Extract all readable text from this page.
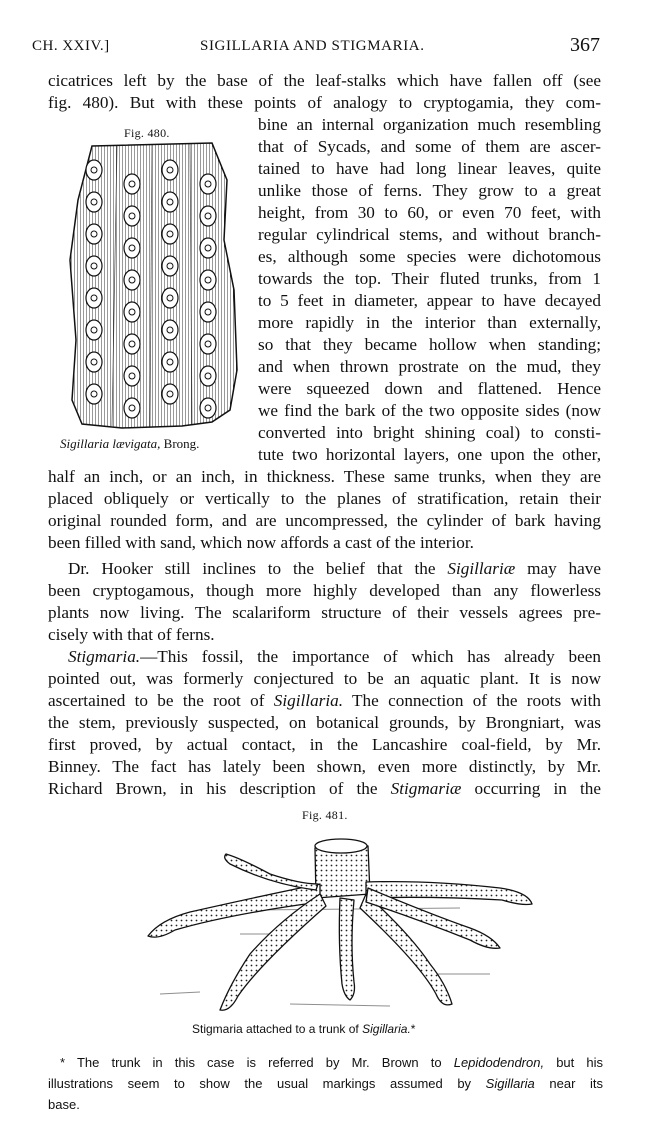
CH. XXIV.]	SIGILLARIA AND STIGMARIA.	367
cicatrices left by the base of the leaf-stalks which have fallen off (see
fig. 480). But with these points of analogy to cryptogamia, they com-
bine an internal organization much resembling
that of Sycads, and some of them are ascer-
tained to have had long linear leaves, quite
unlike those of ferns. They grow to a great
height, from 30 to 60, or even 70 feet, with
regular cylindrical stems, and without branch-
es, although some species were dichotomous
towards the top. Their fluted trunks, from 1
to 5 feet in diameter, appear to have decayed
more rapidly in the interior than externally,
so that they became hollow when standing;
and when thrown prostrate on the mud, they
were squeezed down and flattened. Hence
we find the bark of the two opposite sides (now
converted into bright shining coal) to consti-
tute two horizontal layers, one upon the other,
half an inch, or an inch, in thickness. These same trunks, when they are
placed obliquely or vertically to the planes of stratification, retain their
original rounded form, and are uncompressed, the cylinder of bark having
been filled with sand, which now affords a cast of the interior.
Fig. 480.
Sigillaria lævigata, Brong.
Dr. Hooker still inclines to the belief that the Sigillariæ may have
been cryptogamous, though more highly developed than any flowerless
plants now living. The scalariform structure of their vessels agrees pre-
cisely with that of ferns.
Stigmaria.—This fossil, the importance of which has already been
pointed out, was formerly conjectured to be an aquatic plant. It is now
ascertained to be the root of Sigillaria. The connection of the roots with
the stem, previously suspected, on botanical grounds, by Brongniart, was
first proved, by actual contact, in the Lancashire coal-field, by Mr.
Binney. The fact has lately been shown, even more distinctly, by Mr.
Richard Brown, in his description of the Stigmariæ occurring in the
Fig. 481.
Stigmaria attached to a trunk of Sigillaria.*
* The trunk in this case is referred by Mr. Brown to Lepidodendron, but his
illustrations seem to show the usual markings assumed by Sigillaria near its
base.
